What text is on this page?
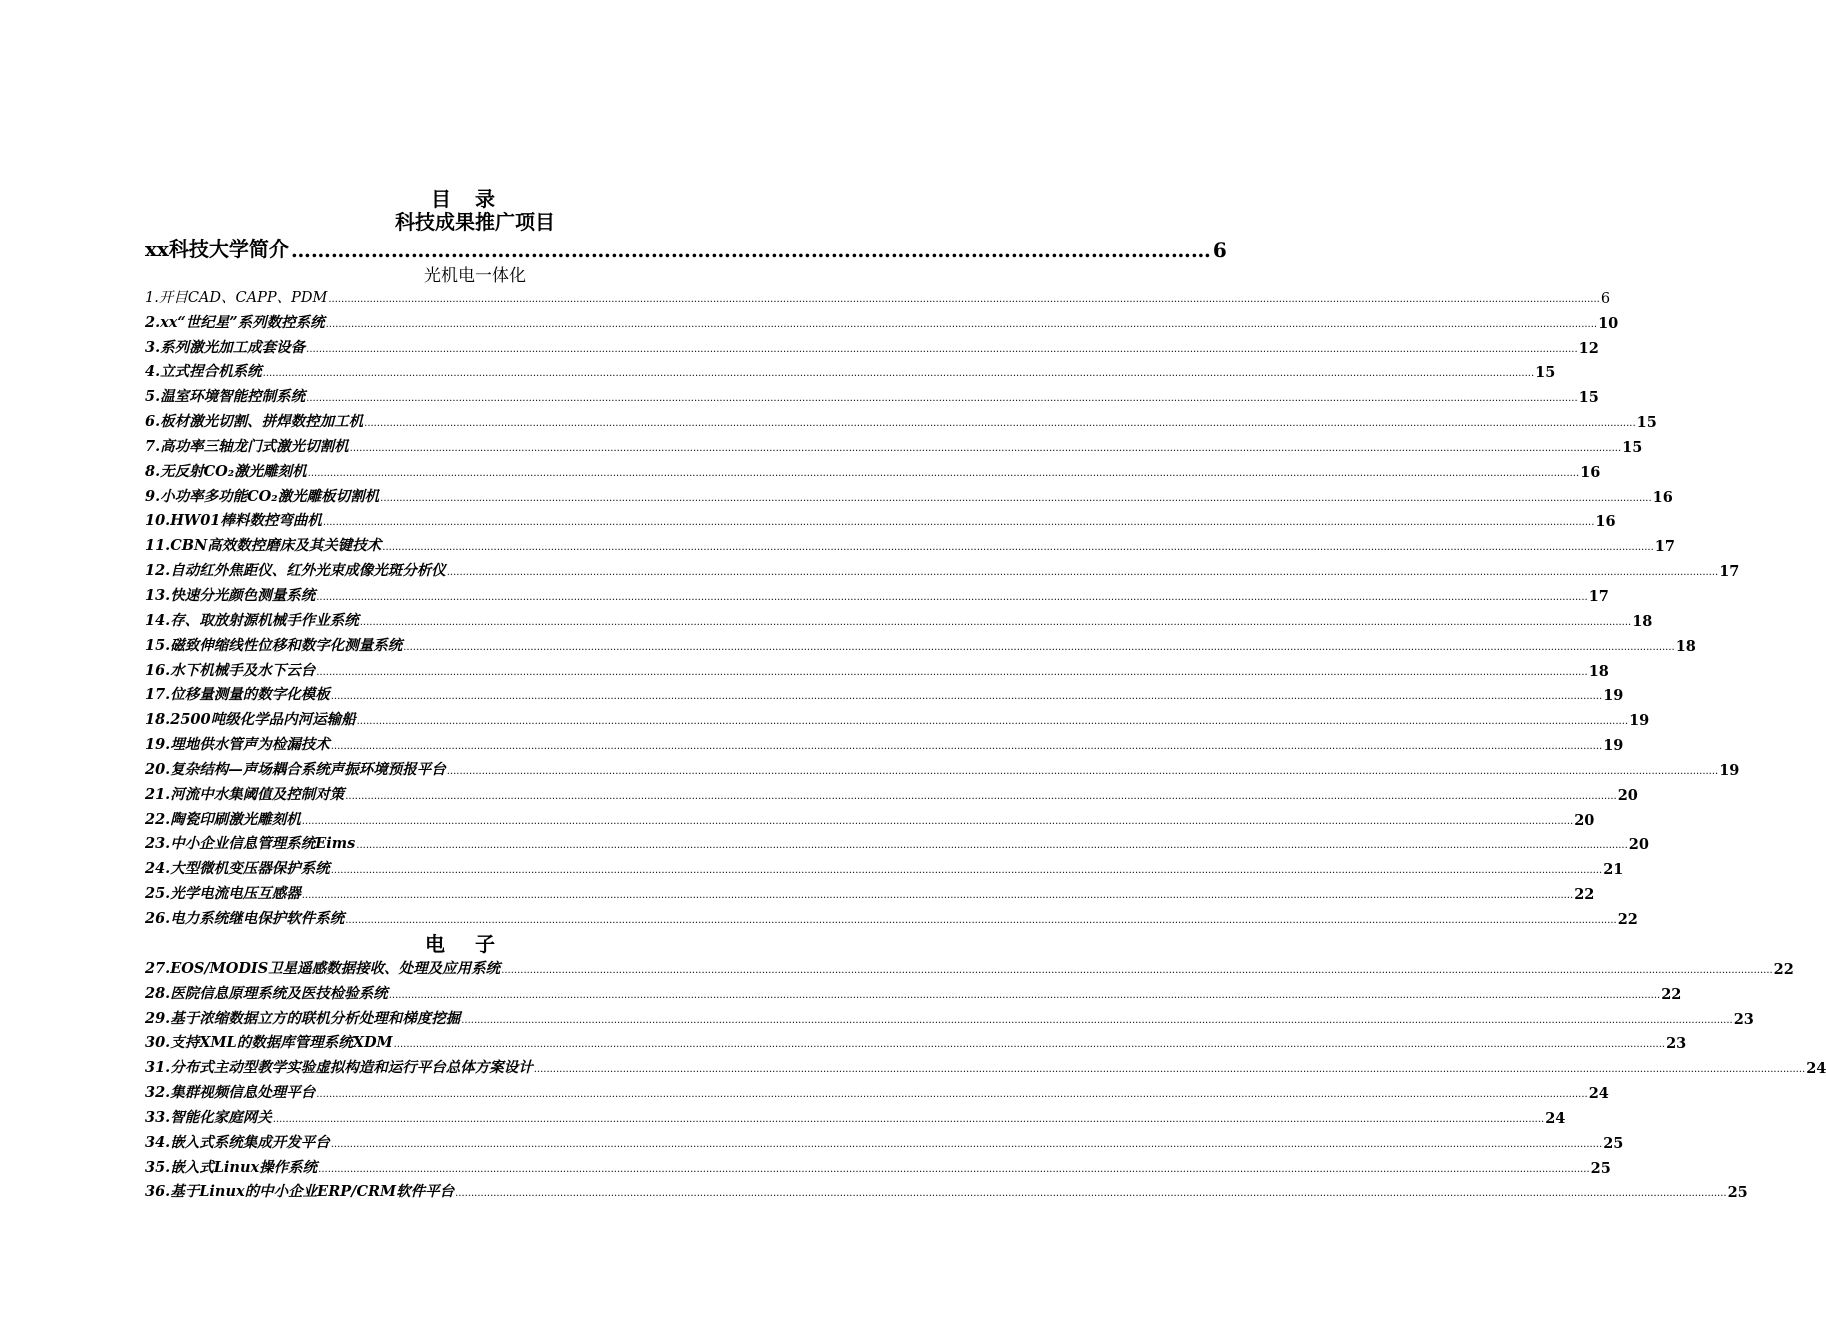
目录
科技成果推广项目
xx科技大学简介 ………………………………………………………………………………………………………………………… 6
光机电一体化
1.开目CAD、CAPP、PDM ................................................................................................................................................................................................................................................................................................................................................................................................................ 6
2.xx“世纪星”系列数控系统 ................................................................................................................................................................................................................................................................................................................................................................................................................ 10
3.系列激光加工成套设备 ................................................................................................................................................................................................................................................................................................................................................................................................................ 12
4.立式捏合机系统 ................................................................................................................................................................................................................................................................................................................................................................................................................ 15
5.温室环境智能控制系统 ................................................................................................................................................................................................................................................................................................................................................................................................................ 15
6.板材激光切割、拼焊数控加工机 ................................................................................................................................................................................................................................................................................................................................................................................................................ 15
7.高功率三轴龙门式激光切割机 ................................................................................................................................................................................................................................................................................................................................................................................................................ 15
8.无反射CO₂激光雕刻机 ................................................................................................................................................................................................................................................................................................................................................................................................................ 16
9.小功率多功能CO₂激光雕板切割机 ................................................................................................................................................................................................................................................................................................................................................................................................................ 16
10.HW01棒料数控弯曲机 ................................................................................................................................................................................................................................................................................................................................................................................................................ 16
11.CBN高效数控磨床及其关键技术 ................................................................................................................................................................................................................................................................................................................................................................................................................ 17
12.自动红外焦距仪、红外光束成像光斑分析仪 ................................................................................................................................................................................................................................................................................................................................................................................................................ 17
13.快速分光颜色测量系统 ................................................................................................................................................................................................................................................................................................................................................................................................................ 17
14.存、取放射源机械手作业系统 ................................................................................................................................................................................................................................................................................................................................................................................................................ 18
15.磁致伸缩线性位移和数字化测量系统 ................................................................................................................................................................................................................................................................................................................................................................................................................ 18
16.水下机械手及水下云台 ................................................................................................................................................................................................................................................................................................................................................................................................................ 18
17.位移量测量的数字化模板 ................................................................................................................................................................................................................................................................................................................................................................................................................ 19
18.2500吨级化学品内河运输船 ................................................................................................................................................................................................................................................................................................................................................................................................................ 19
19.埋地供水管声为检漏技术 ................................................................................................................................................................................................................................................................................................................................................................................................................ 19
20.复杂结构—声场耦合系统声振环境预报平台 ................................................................................................................................................................................................................................................................................................................................................................................................................ 19
21.河流中水集阈值及控制对策 ................................................................................................................................................................................................................................................................................................................................................................................................................ 20
22.陶瓷印刷激光雕刻机 ................................................................................................................................................................................................................................................................................................................................................................................................................ 20
23.中小企业信息管理系统Eims ................................................................................................................................................................................................................................................................................................................................................................................................................ 20
24.大型微机变压器保护系统 ................................................................................................................................................................................................................................................................................................................................................................................................................ 21
25.光学电流电压互感器 ................................................................................................................................................................................................................................................................................................................................................................................................................ 22
26.电力系统继电保护软件系统 ................................................................................................................................................................................................................................................................................................................................................................................................................ 22
电子
27.EOS/MODIS卫星遥感数据接收、处理及应用系统 ................................................................................................................................................................................................................................................................................................................................................................................................................ 22
28.医院信息原理系统及医技检验系统 ................................................................................................................................................................................................................................................................................................................................................................................................................ 22
29.基于浓缩数据立方的联机分析处理和梯度挖掘 ................................................................................................................................................................................................................................................................................................................................................................................................................ 23
30.支持XML的数据库管理系统XDM ................................................................................................................................................................................................................................................................................................................................................................................................................ 23
31.分布式主动型教学实验虚拟构造和运行平台总体方案设计 ................................................................................................................................................................................................................................................................................................................................................................................................................ 24
32.集群视频信息处理平台 ................................................................................................................................................................................................................................................................................................................................................................................................................ 24
33.智能化家庭网关 ................................................................................................................................................................................................................................................................................................................................................................................................................ 24
34.嵌入式系统集成开发平台 ................................................................................................................................................................................................................................................................................................................................................................................................................ 25
35.嵌入式Linux操作系统 ................................................................................................................................................................................................................................................................................................................................................................................................................ 25
36.基于Linux的中小企业ERP/CRM软件平台 ................................................................................................................................................................................................................................................................................................................................................................................................................ 25
